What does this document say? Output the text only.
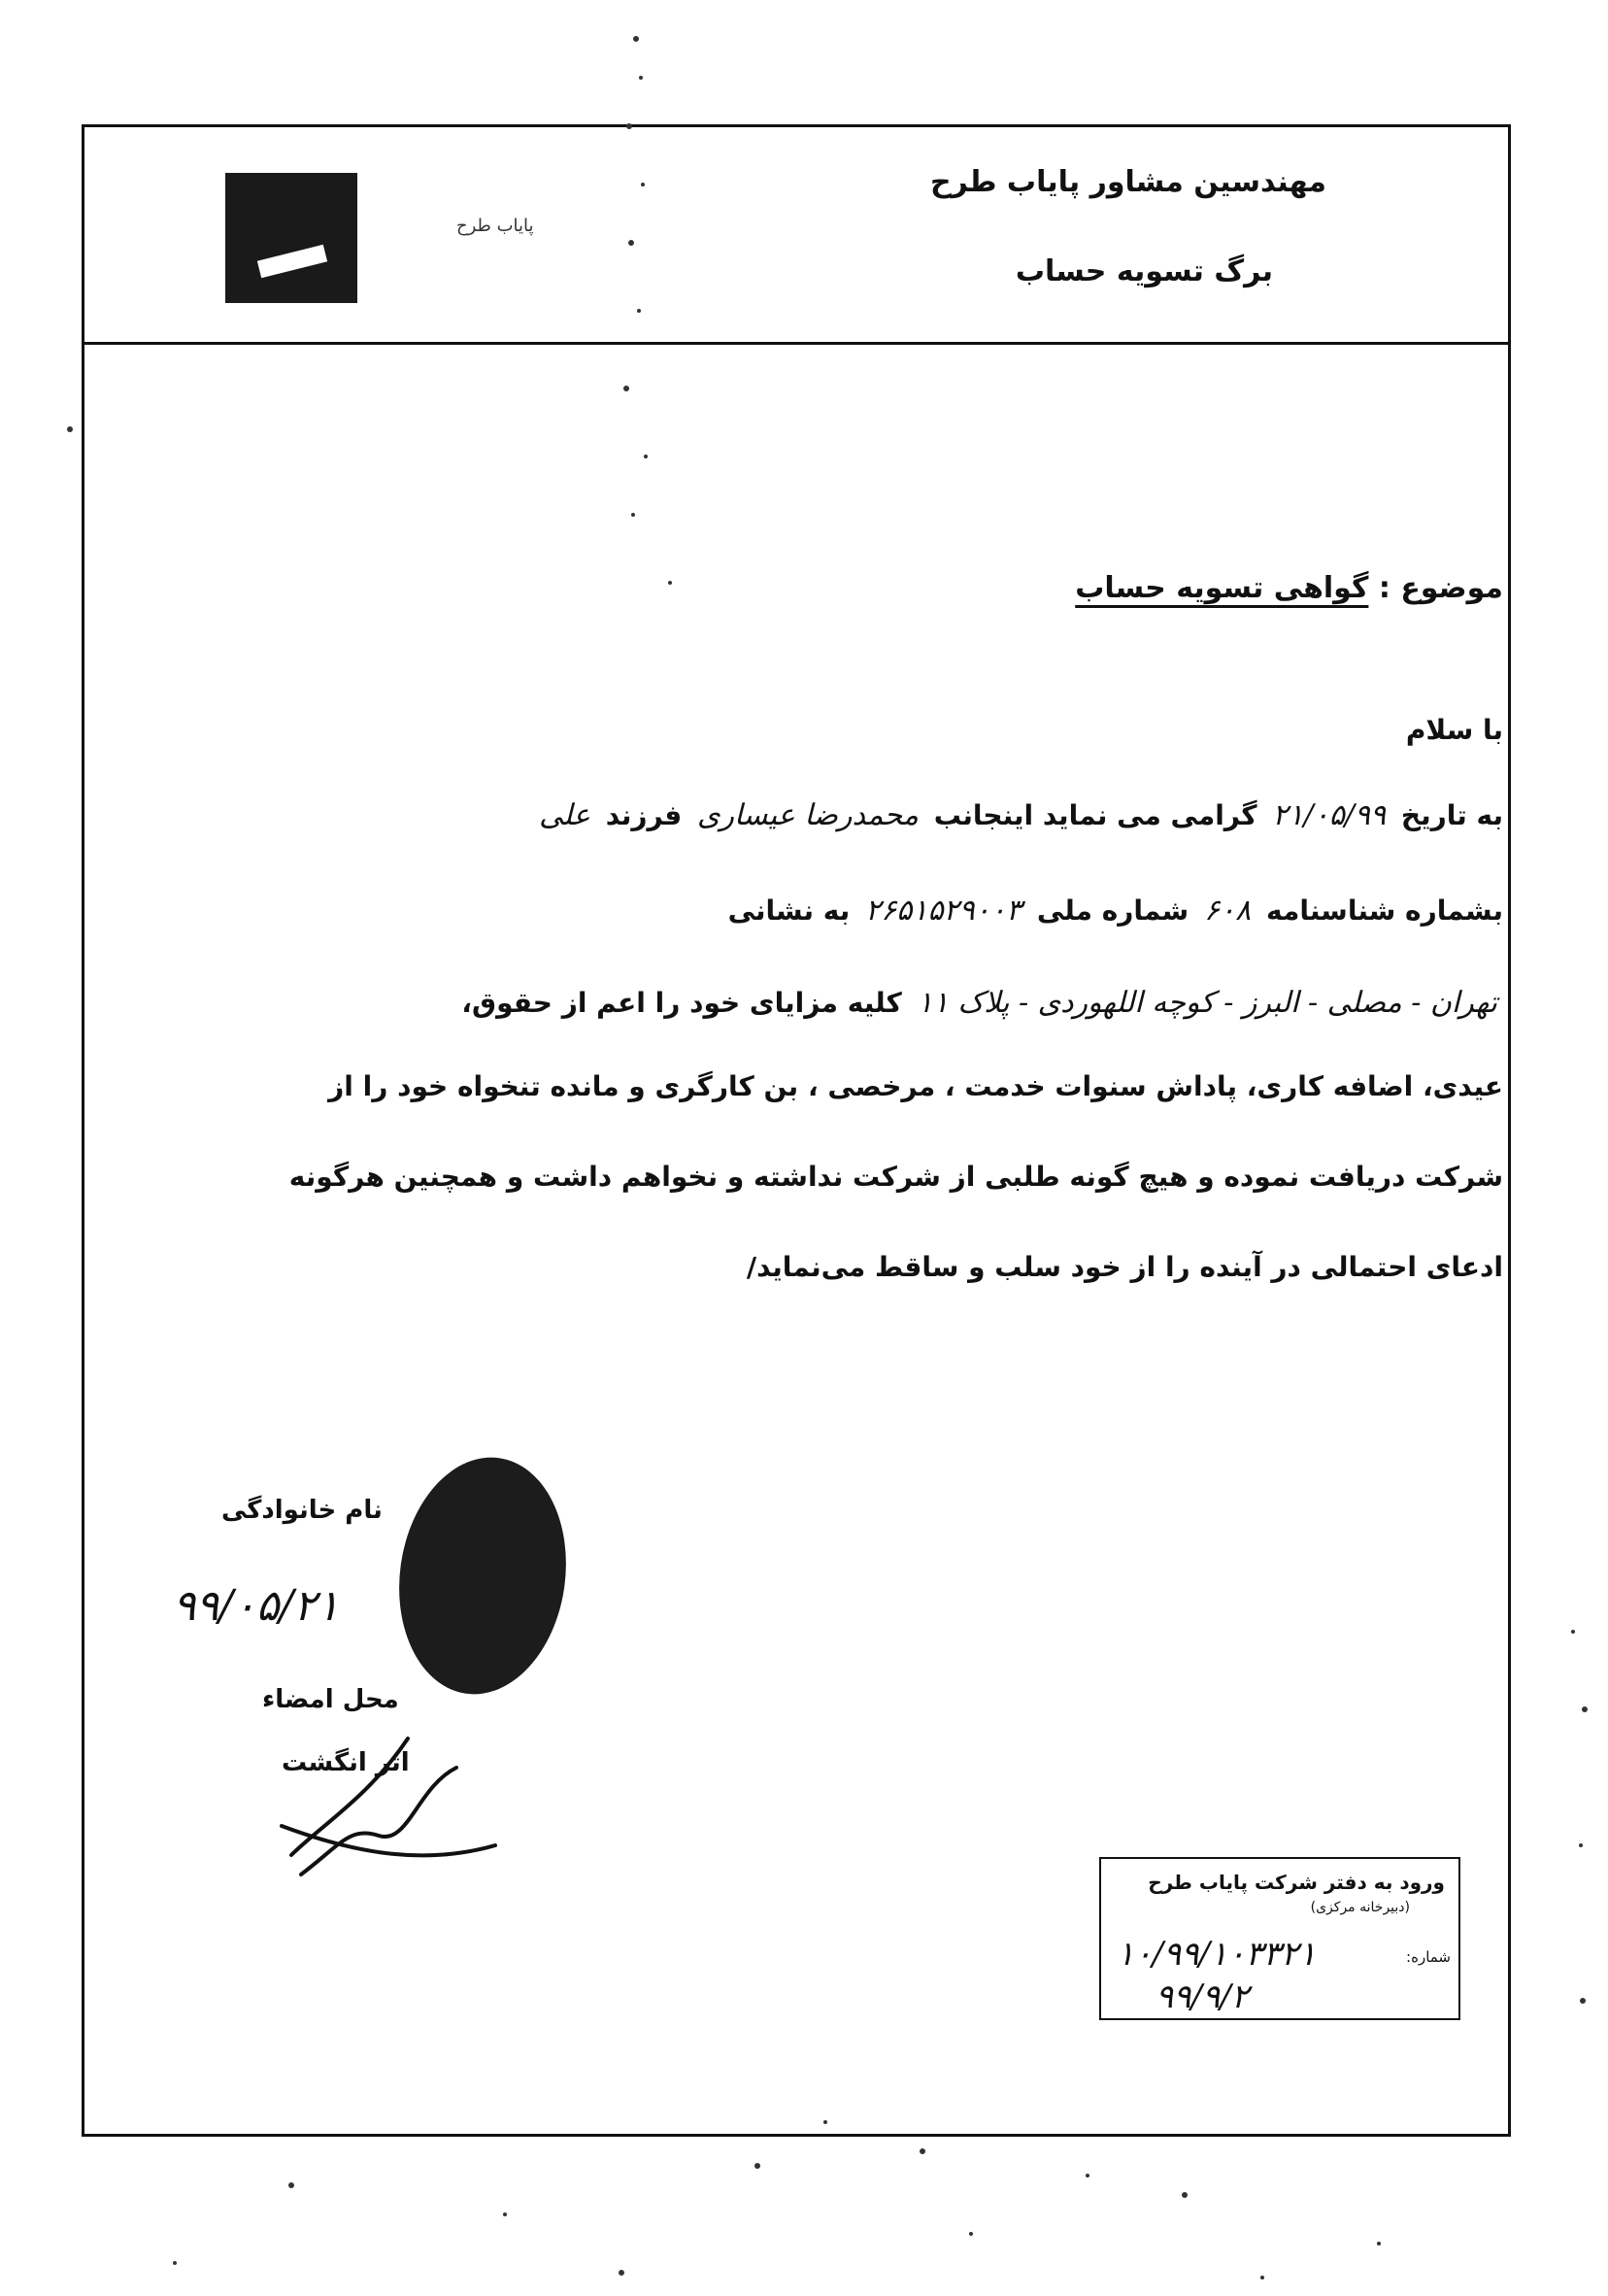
مهندسین مشاور پایاب طرح
برگ تسویه حساب
پایاب طرح
موضوع : گواهی تسویه حساب
با سلام
به تاریخ ۲۱/۰۵/۹۹ گرامی می نماید اینجانب محمدرضا عیساری فرزند علی
بشماره شناسنامه ۶۰۸ شماره ملی ۲۶۵۱۵۲۹۰۰۳ به نشانی
تهران - مصلی - البرز - کوچه اللهوردی - پلاک ۱۱ کلیه مزایای خود را اعم از حقوق،
عیدی، اضافه کاری، پاداش سنوات خدمت ، مرخصی ، بن کارگری و مانده تنخواه خود را از
شرکت دریافت نموده و هیچ گونه طلبی از شرکت نداشته و نخواهم داشت و همچنین هرگونه
ادعای احتمالی در آینده را از خود سلب و ساقط می‌نماید/
نام خانوادگی
۹۹/۰۵/۲۱
محل امضاء
اثر انگشت
ورود به دفتر شرکت پایاب طرح
(دبیرخانه مرکزی)
شماره:
۱۰/۹۹/۱۰۳۳۲۱
۹۹/۹/۲
